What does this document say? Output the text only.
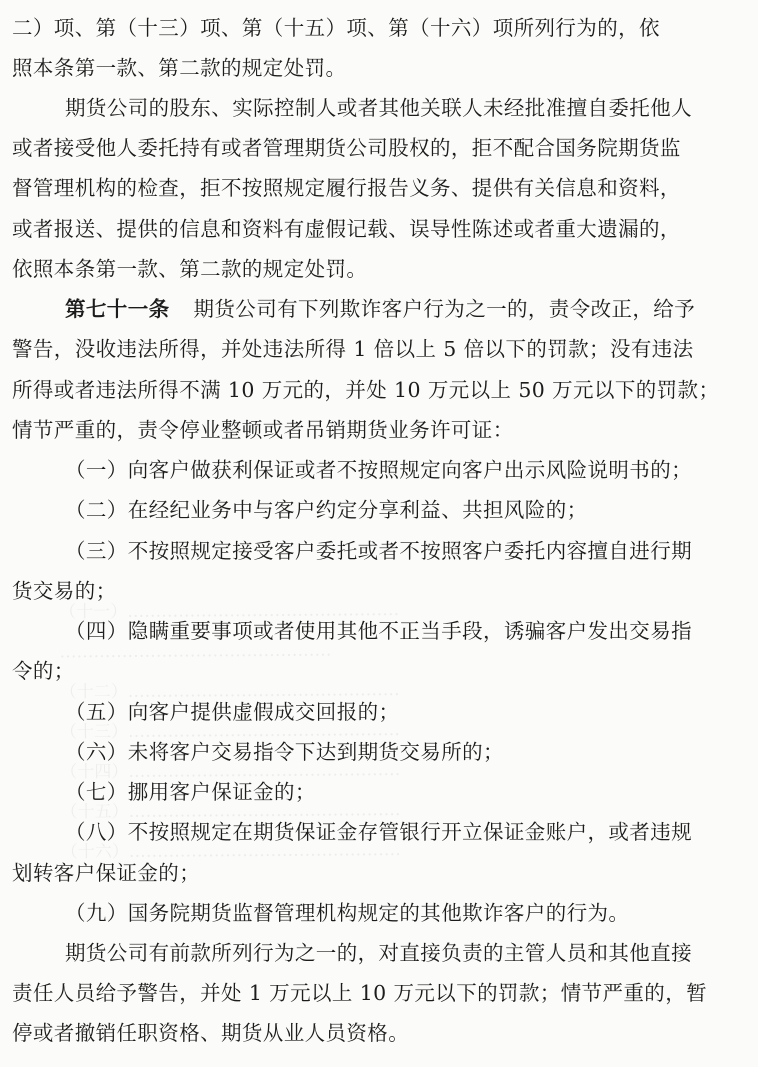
（十一）…………………………………………
…………………………………………
（十二）…………………………………………
（十三）…………………………………………
（十四）…………………………………………
（十五）…………………………………………
（十六）…………………………………………
二）项、第（十三）项、第（十五）项、第（十六）项所列行为的，依
照本条第一款、第二款的规定处罚。
期货公司的股东、实际控制人或者其他关联人未经批准擅自委托他人
或者接受他人委托持有或者管理期货公司股权的，拒不配合国务院期货监
督管理机构的检查，拒不按照规定履行报告义务、提供有关信息和资料，
或者报送、提供的信息和资料有虚假记载、误导性陈述或者重大遗漏的，
依照本条第一款、第二款的规定处罚。
第七十一条 期货公司有下列欺诈客户行为之一的，责令改正，给予
警告，没收违法所得，并处违法所得 1 倍以上 5 倍以下的罚款；没有违法
所得或者违法所得不满 10 万元的，并处 10 万元以上 50 万元以下的罚款；
情节严重的，责令停业整顿或者吊销期货业务许可证：
（一）向客户做获利保证或者不按照规定向客户出示风险说明书的；
（二）在经纪业务中与客户约定分享利益、共担风险的；
（三）不按照规定接受客户委托或者不按照客户委托内容擅自进行期
货交易的；
（四）隐瞒重要事项或者使用其他不正当手段，诱骗客户发出交易指
令的；
（五）向客户提供虚假成交回报的；
（六）未将客户交易指令下达到期货交易所的；
（七）挪用客户保证金的；
（八）不按照规定在期货保证金存管银行开立保证金账户，或者违规
划转客户保证金的；
（九）国务院期货监督管理机构规定的其他欺诈客户的行为。
期货公司有前款所列行为之一的，对直接负责的主管人员和其他直接
责任人员给予警告，并处 1 万元以上 10 万元以下的罚款；情节严重的，暂
停或者撤销任职资格、期货从业人员资格。
